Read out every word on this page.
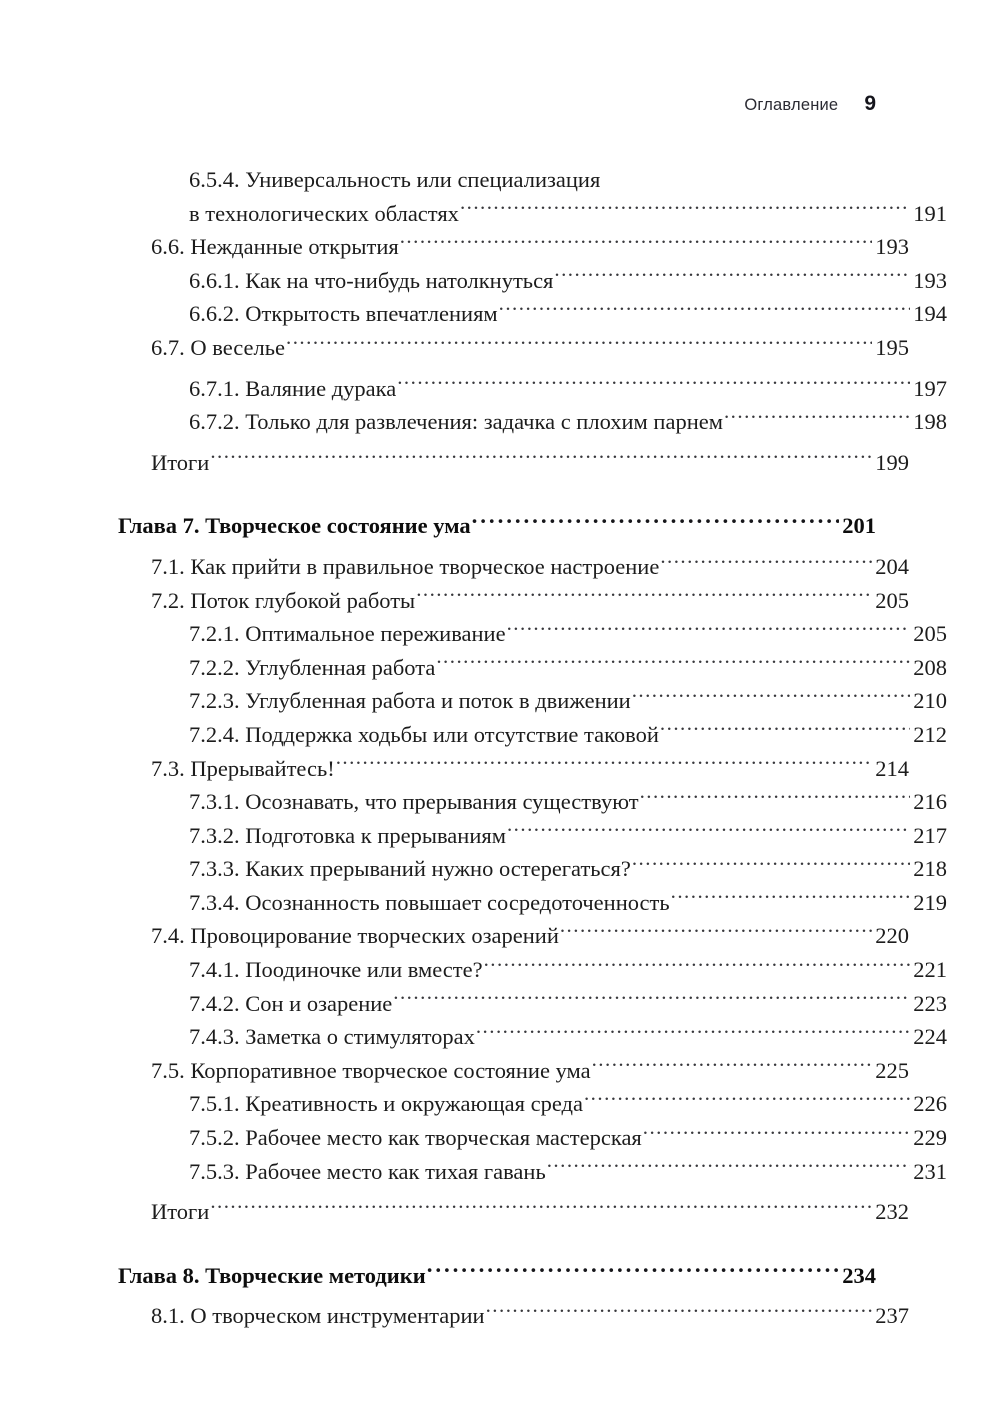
Оглавление 9
6.5.4. Универсальность или специализация
в технологических областях .....	191
6.6. Нежданные открытия .....	193
6.6.1. Как на что-нибудь натолкнуться .....	193
6.6.2. Открытость впечатлениям .....	194
6.7. О веселье .....	195
6.7.1. Валяние дурака .....	197
6.7.2. Только для развлечения: задачка с плохим парнем .....	198
Итоги .....	199
Глава 7. Творческое состояние ума .....	201
7.1. Как прийти в правильное творческое настроение .....	204
7.2. Поток глубокой работы .....	205
7.2.1. Оптимальное переживание .....	205
7.2.2. Углубленная работа .....	208
7.2.3. Углубленная работа и поток в движении .....	210
7.2.4. Поддержка ходьбы или отсутствие таковой .....	212
7.3. Прерывайтесь! .....	214
7.3.1. Осознавать, что прерывания существуют .....	216
7.3.2. Подготовка к прерываниям .....	217
7.3.3. Каких прерываний нужно остерегаться? .....	218
7.3.4. Осознанность повышает сосредоточенность .....	219
7.4. Провоцирование творческих озарений .....	220
7.4.1. Поодиночке или вместе? .....	221
7.4.2. Сон и озарение .....	223
7.4.3. Заметка о стимуляторах .....	224
7.5. Корпоративное творческое состояние ума .....	225
7.5.1. Креативность и окружающая среда .....	226
7.5.2. Рабочее место как творческая мастерская .....	229
7.5.3. Рабочее место как тихая гавань .....	231
Итоги .....	232
Глава 8. Творческие методики .....	234
8.1. О творческом инструментарии .....	237
